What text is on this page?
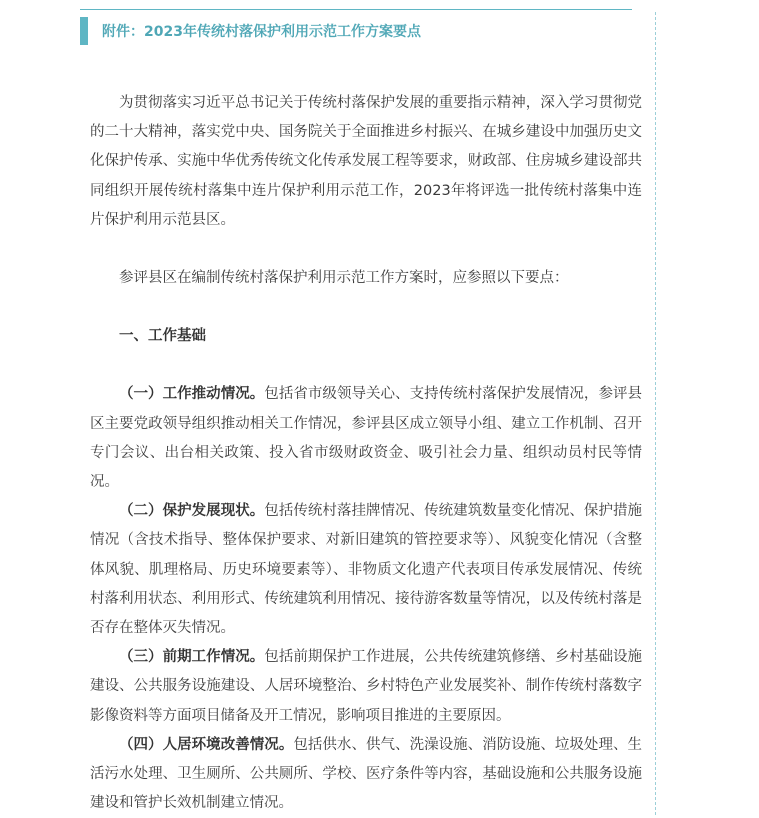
附件：2023年传统村落保护利用示范工作方案要点

为贯彻落实习近平总书记关于传统村落保护发展的重要指示精神，深入学习贯彻党的二十大精神，落实党中央、国务院关于全面推进乡村振兴、在城乡建设中加强历史文化保护传承、实施中华优秀传统文化传承发展工程等要求，财政部、住房城乡建设部共同组织开展传统村落集中连片保护利用示范工作，2023年将评选一批传统村落集中连片保护利用示范县区。

参评县区在编制传统村落保护利用示范工作方案时，应参照以下要点：

一、工作基础

（一）工作推动情况。包括省市级领导关心、支持传统村落保护发展情况，参评县区主要党政领导组织推动相关工作情况，参评县区成立领导小组、建立工作机制、召开专门会议、出台相关政策、投入省市级财政资金、吸引社会力量、组织动员村民等情况。

（二）保护发展现状。包括传统村落挂牌情况、传统建筑数量变化情况、保护措施情况（含技术指导、整体保护要求、对新旧建筑的管控要求等）、风貌变化情况（含整体风貌、肌理格局、历史环境要素等）、非物质文化遗产代表项目传承发展情况、传统村落利用状态、利用形式、传统建筑利用情况、接待游客数量等情况，以及传统村落是否存在整体灭失情况。

（三）前期工作情况。包括前期保护工作进展，公共传统建筑修缮、乡村基础设施建设、公共服务设施建设、人居环境整治、乡村特色产业发展奖补、制作传统村落数字影像资料等方面项目储备及开工情况，影响项目推进的主要原因。

（四）人居环境改善情况。包括供水、供气、洗澡设施、消防设施、垃圾处理、生活污水处理、卫生厕所、公共厕所、学校、医疗条件等内容，基础设施和公共服务设施建设和管护长效机制建立情况。
